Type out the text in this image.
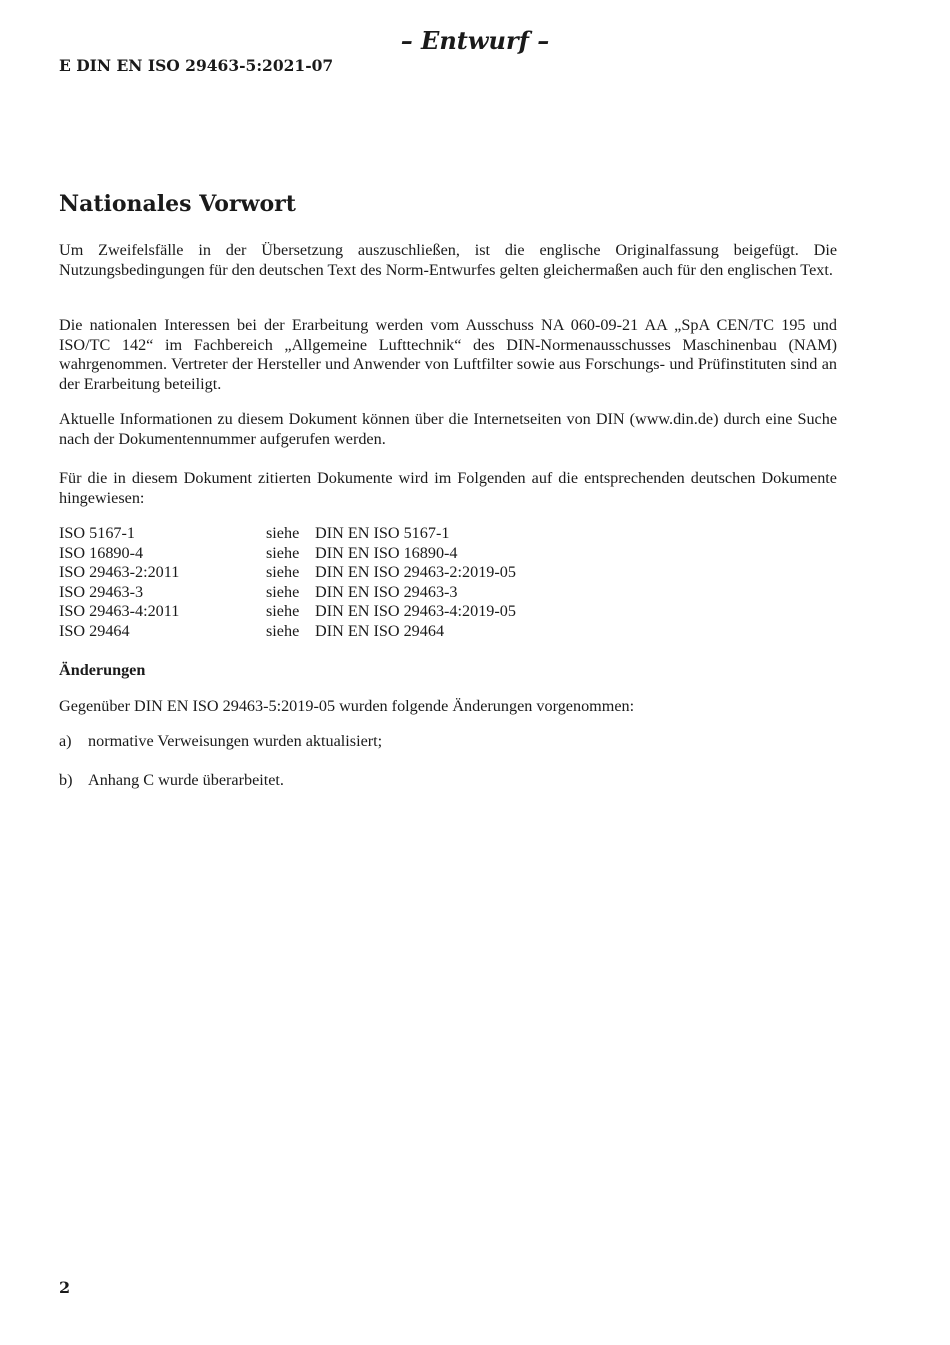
– Entwurf –
E DIN EN ISO 29463-5:2021-07
Nationales Vorwort

Um Zweifelsfälle in der Übersetzung auszuschließen, ist die englische Originalfassung beigefügt. Die Nutzungsbedingungen für den deutschen Text des Norm-Entwurfes gelten gleichermaßen auch für den englischen Text.

Die nationalen Interessen bei der Erarbeitung werden vom Ausschuss NA 060-09-21 AA „SpA CEN/TC 195 und ISO/TC 142“ im Fachbereich „Allgemeine Lufttechnik“ des DIN-Normenausschusses Maschinenbau (NAM) wahrgenommen. Vertreter der Hersteller und Anwender von Luftfilter sowie aus Forschungs- und Prüfinstituten sind an der Erarbeitung beteiligt.

Aktuelle Informationen zu diesem Dokument können über die Internetseiten von DIN (www.din.de) durch eine Suche nach der Dokumentennummer aufgerufen werden.

Für die in diesem Dokument zitierten Dokumente wird im Folgenden auf die entsprechenden deutschen Dokumente hingewiesen:

ISO 5167-1	siehe DIN EN ISO 5167-1
ISO 16890-4	siehe DIN EN ISO 16890-4
ISO 29463-2:2011	siehe DIN EN ISO 29463-2:2019-05
ISO 29463-3	siehe DIN EN ISO 29463-3
ISO 29463-4:2011	siehe DIN EN ISO 29463-4:2019-05
ISO 29464	siehe DIN EN ISO 29464
Änderungen

Gegenüber DIN EN ISO 29463-5:2019-05 wurden folgende Änderungen vorgenommen:

a)	normative Verweisungen wurden aktualisiert;
b) Anhang C wurde überarbeitet.
2
